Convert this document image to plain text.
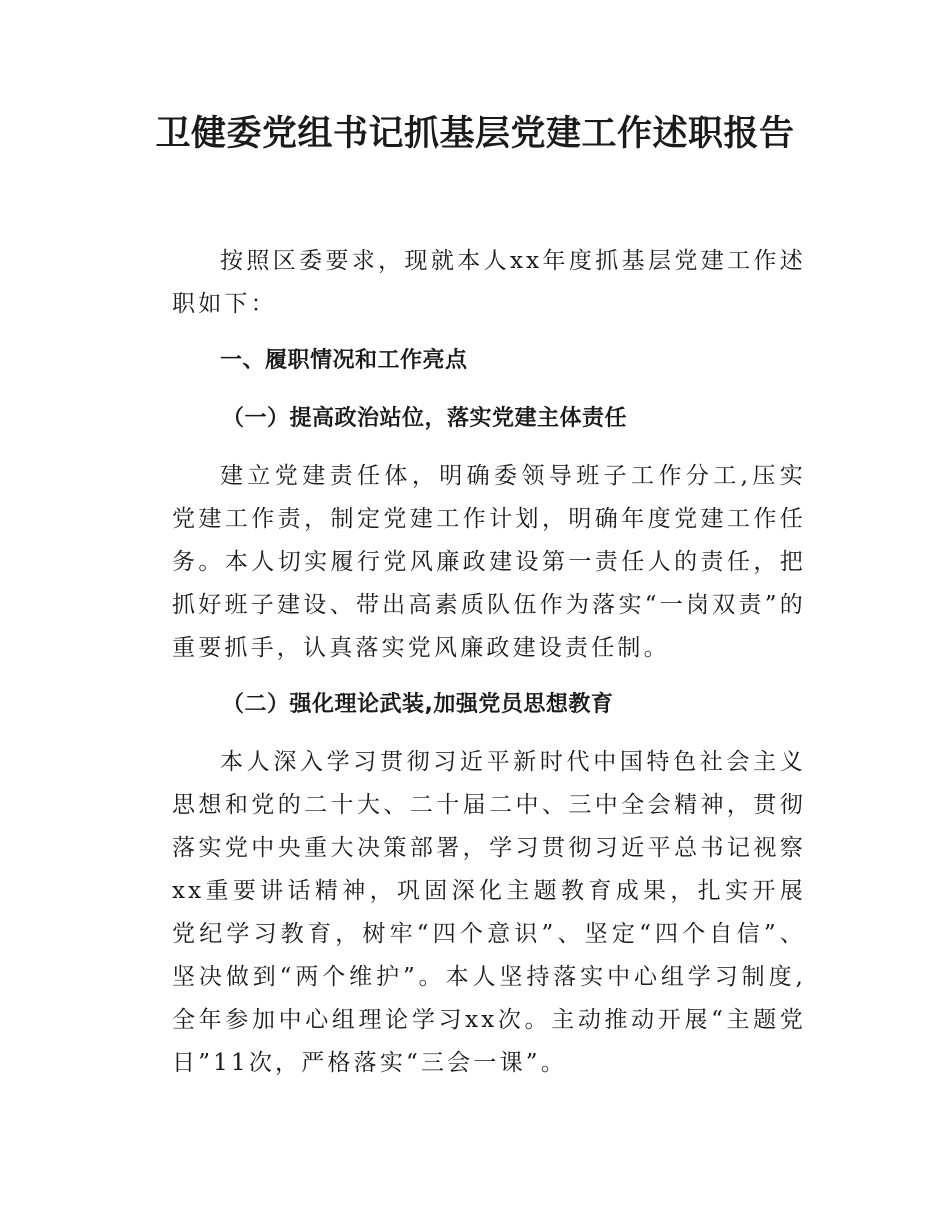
卫健委党组书记抓基层党建工作述职报告

按照区委要求，现就本人xx年度抓基层党建工作述职如下：

一、履职情况和工作亮点
（一）提高政治站位，落实党建主体责任

建立党建责任体，明确委领导班子工作分工,压实党建工作责，制定党建工作计划，明确年度党建工作任务。本人切实履行党风廉政建设第一责任人的责任，把抓好班子建设、带出高素质队伍作为落实“一岗双责”的重要抓手，认真落实党风廉政建设责任制。

（二）强化理论武装,加强党员思想教育

本人深入学习贯彻习近平新时代中国特色社会主义思想和党的二十大、二十届二中、三中全会精神，贯彻落实党中央重大决策部署，学习贯彻习近平总书记视察xx重要讲话精神，巩固深化主题教育成果，扎实开展党纪学习教育，树牢“四个意识”、坚定“四个自信”、坚决做到“两个维护”。本人坚持落实中心组学习制度,全年参加中心组理论学习xx次。主动推动开展“主题党日”11次，严格落实“三会一课”。
